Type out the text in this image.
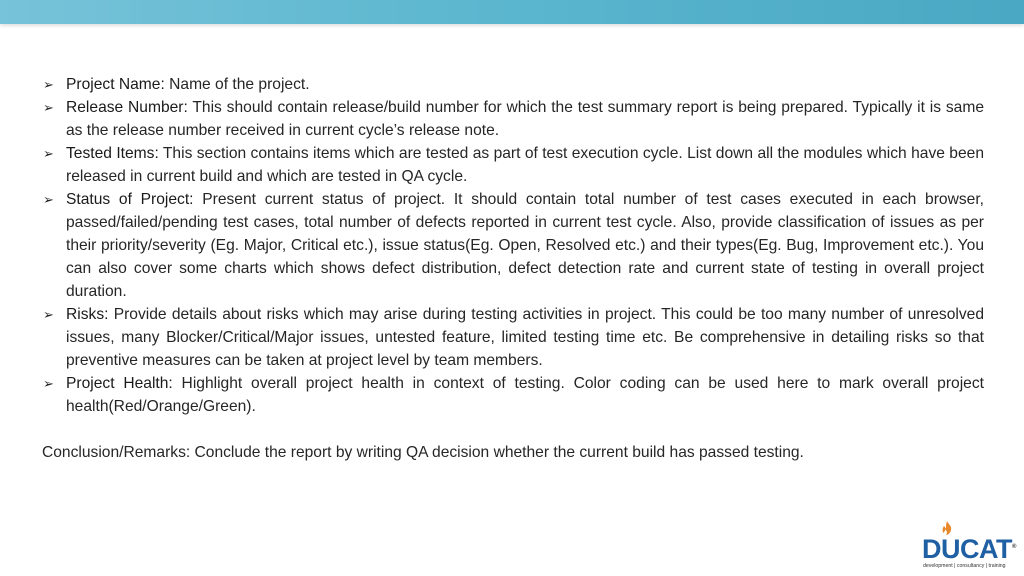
➢ Project Name: Name of the project.
➢ Release Number: This should contain release/build number for which the test summary report is being prepared. Typically it is same as the release number received in current cycle’s release note.
➢ Tested Items: This section contains items which are tested as part of test execution cycle. List down all the modules which have been released in current build and which are tested in QA cycle.
➢ Status of Project: Present current status of project. It should contain total number of test cases executed in each browser, passed/failed/pending test cases, total number of defects reported in current test cycle. Also, provide classification of issues as per their priority/severity (Eg. Major, Critical etc.), issue status(Eg. Open, Resolved etc.) and their types(Eg. Bug, Improvement etc.). You can also cover some charts which shows defect distribution, defect detection rate and current state of testing in overall project duration.
➢ Risks: Provide details about risks which may arise during testing activities in project. This could be too many number of unresolved issues, many Blocker/Critical/Major issues, untested feature, limited testing time etc. Be comprehensive in detailing risks so that preventive measures can be taken at project level by team members.
➢ Project Health: Highlight overall project health in context of testing. Color coding can be used here to mark overall project health(Red/Orange/Green).

Conclusion/Remarks: Conclude the report by writing QA decision whether the current build has passed testing.

DUCAT®
development | consultancy | training
